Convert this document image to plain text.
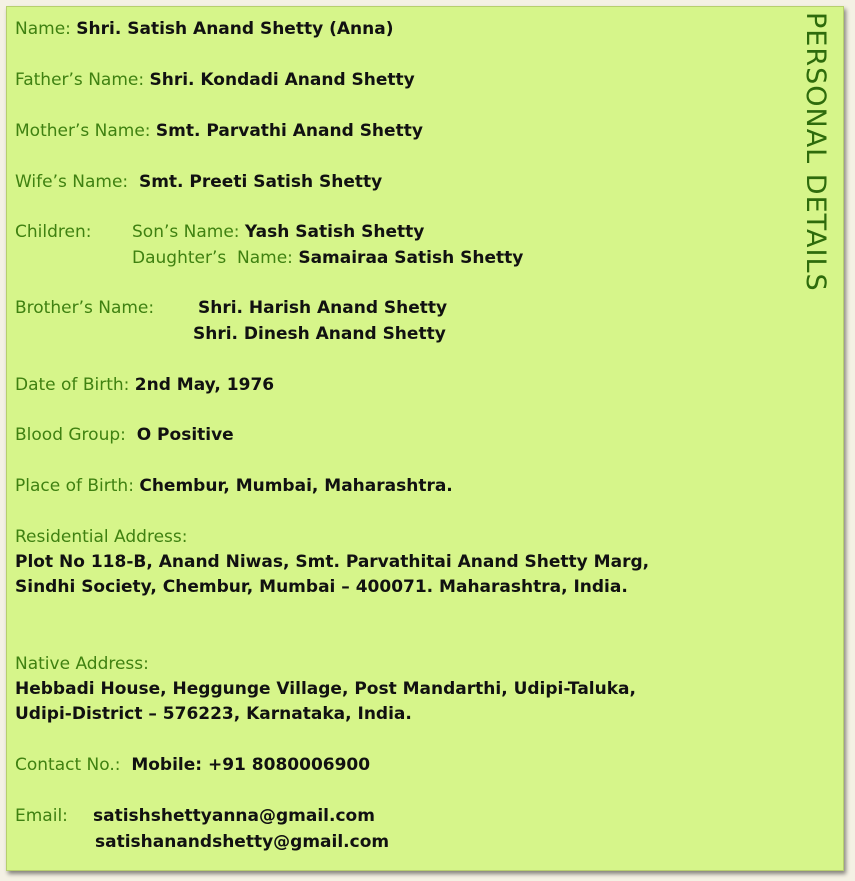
PERSONAL DETAILS
Name: Shri. Satish Anand Shetty (Anna)
Father’s Name: Shri. Kondadi Anand Shetty
Mother’s Name: Smt. Parvathi Anand Shetty
Wife’s Name: Smt. Preeti Satish Shetty
Children: Son’s Name: Yash Satish Shetty
Daughter’s  Name: Samairaa Satish Shetty
Brother’s Name:	Shri. Harish Anand Shetty
Shri. Dinesh Anand Shetty
Date of Birth: 2nd May, 1976
Blood Group: O Positive
Place of Birth: Chembur, Mumbai, Maharashtra.
Residential Address:
Plot No 118-B, Anand Niwas, Smt. Parvathitai Anand Shetty Marg,
Sindhi Society, Chembur, Mumbai – 400071. Maharashtra, India.
Native Address:
Hebbadi House, Heggunge Village, Post Mandarthi, Udipi-Taluka,
Udipi-District – 576223, Karnataka, India.
Contact No.: Mobile: +91 8080006900
Email: satishshettyanna@gmail.com
satishanandshetty@gmail.com
